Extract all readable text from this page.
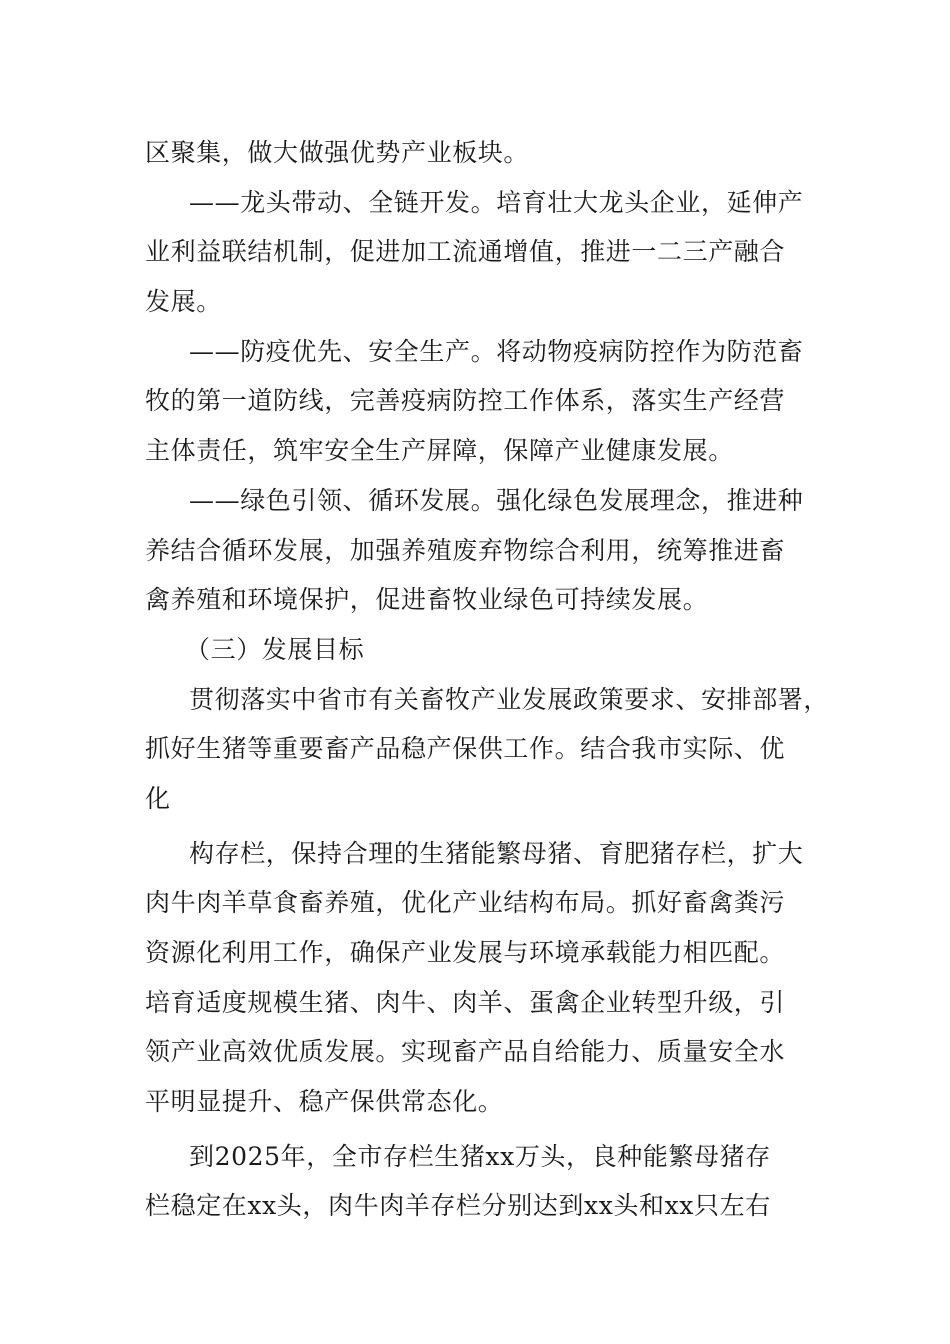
区聚集，做大做强优势产业板块。
——龙头带动、全链开发。培育壮大龙头企业，延伸产
业利益联结机制，促进加工流通增值，推进一二三产融合
发展。
——防疫优先、安全生产。将动物疫病防控作为防范畜
牧的第一道防线，完善疫病防控工作体系，落实生产经营
主体责任，筑牢安全生产屏障，保障产业健康发展。
——绿色引领、循环发展。强化绿色发展理念，推进种
养结合循环发展，加强养殖废弃物综合利用，统筹推进畜
禽养殖和环境保护，促进畜牧业绿色可持续发展。
（三）发展目标
贯彻落实中省市有关畜牧产业发展政策要求、安排部署，
抓好生猪等重要畜产品稳产保供工作。结合我市实际、优
化
构存栏，保持合理的生猪能繁母猪、育肥猪存栏，扩大
肉牛肉羊草食畜养殖，优化产业结构布局。抓好畜禽粪污
资源化利用工作，确保产业发展与环境承载能力相匹配。
培育适度规模生猪、肉牛、肉羊、蛋禽企业转型升级，引
领产业高效优质发展。实现畜产品自给能力、质量安全水
平明显提升、稳产保供常态化。
到2025年，全市存栏生猪xx万头，良种能繁母猪存
栏稳定在xx头，肉牛肉羊存栏分别达到xx头和xx只左右
